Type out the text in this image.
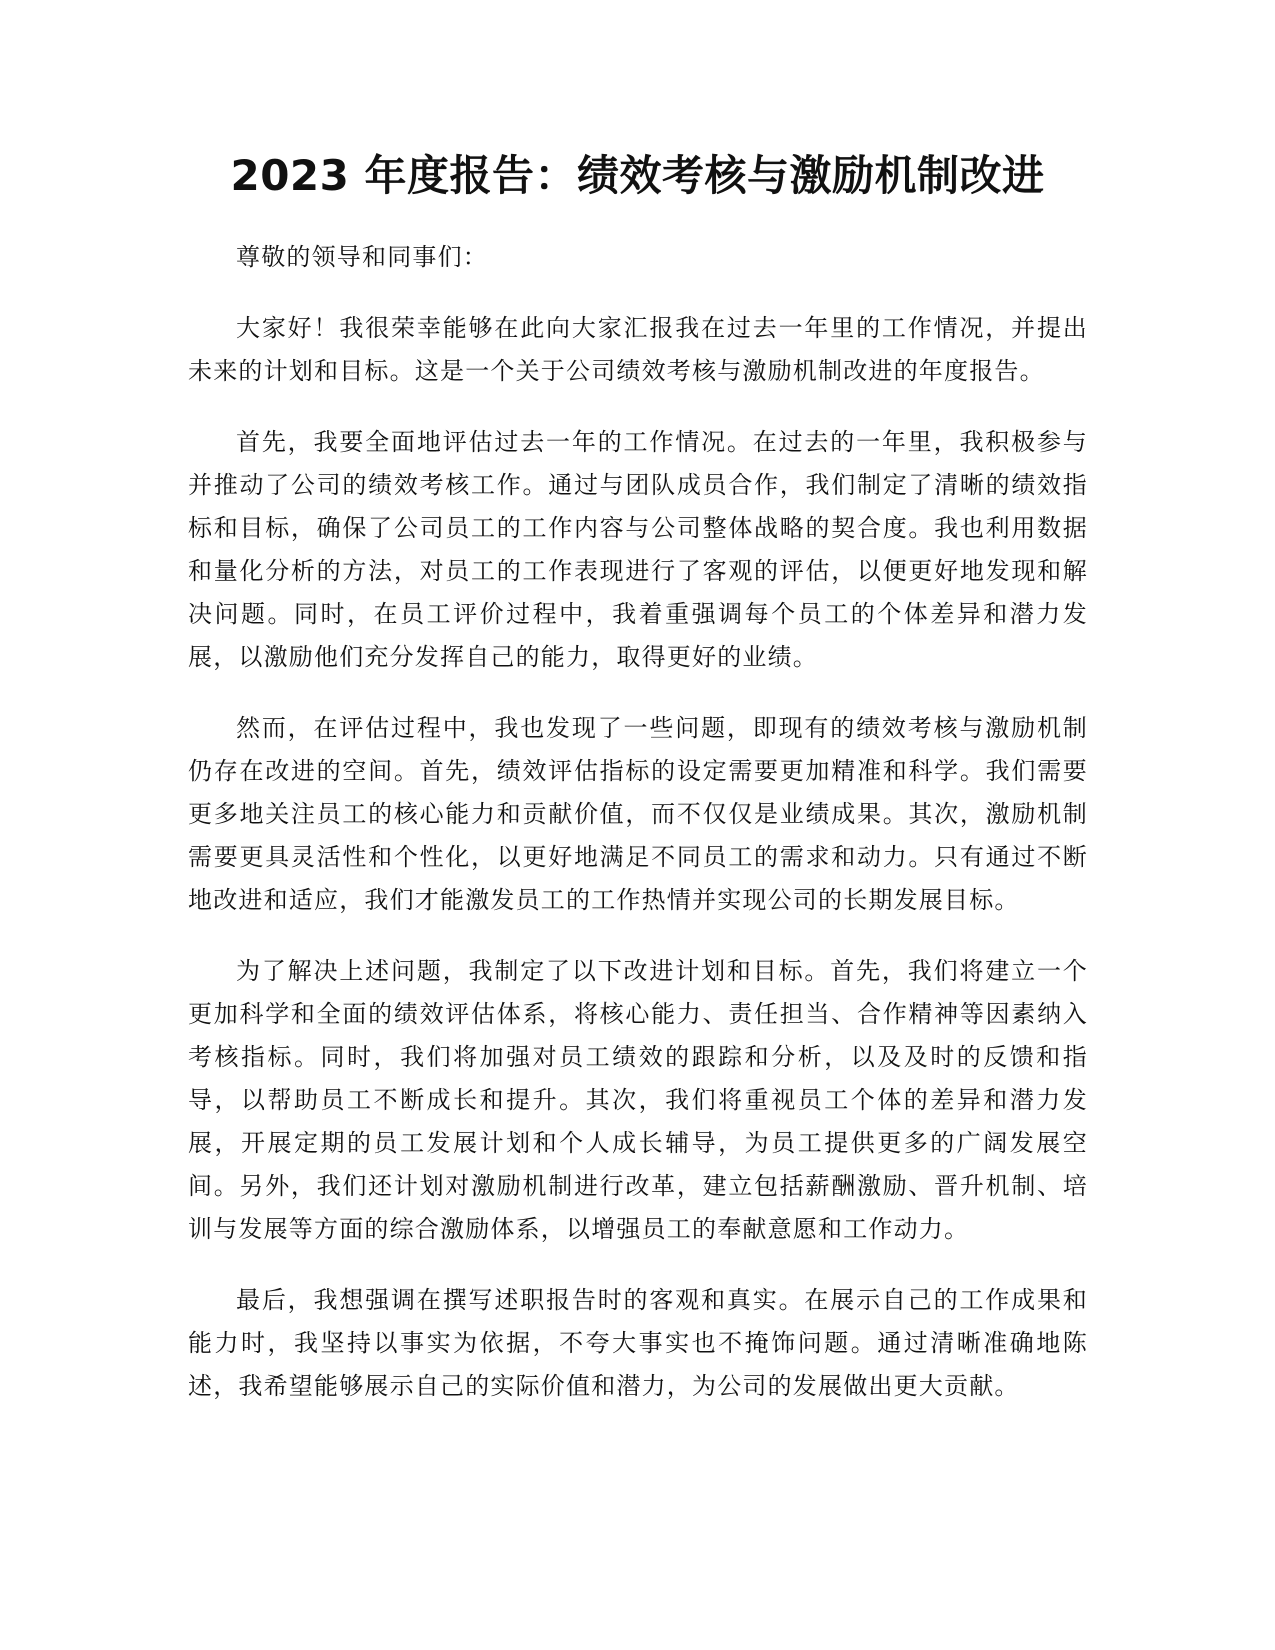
2023 年度报告：绩效考核与激励机制改进

尊敬的领导和同事们：

大家好！我很荣幸能够在此向大家汇报我在过去一年里的工作情况，并提出未来的计划和目标。这是一个关于公司绩效考核与激励机制改进的年度报告。

首先，我要全面地评估过去一年的工作情况。在过去的一年里，我积极参与并推动了公司的绩效考核工作。通过与团队成员合作，我们制定了清晰的绩效指标和目标，确保了公司员工的工作内容与公司整体战略的契合度。我也利用数据和量化分析的方法，对员工的工作表现进行了客观的评估，以便更好地发现和解决问题。同时，在员工评价过程中，我着重强调每个员工的个体差异和潜力发展，以激励他们充分发挥自己的能力，取得更好的业绩。

然而，在评估过程中，我也发现了一些问题，即现有的绩效考核与激励机制仍存在改进的空间。首先，绩效评估指标的设定需要更加精准和科学。我们需要更多地关注员工的核心能力和贡献价值，而不仅仅是业绩成果。其次，激励机制需要更具灵活性和个性化，以更好地满足不同员工的需求和动力。只有通过不断地改进和适应，我们才能激发员工的工作热情并实现公司的长期发展目标。

为了解决上述问题，我制定了以下改进计划和目标。首先，我们将建立一个更加科学和全面的绩效评估体系，将核心能力、责任担当、合作精神等因素纳入考核指标。同时，我们将加强对员工绩效的跟踪和分析，以及及时的反馈和指导，以帮助员工不断成长和提升。其次，我们将重视员工个体的差异和潜力发展，开展定期的员工发展计划和个人成长辅导，为员工提供更多的广阔发展空间。另外，我们还计划对激励机制进行改革，建立包括薪酬激励、晋升机制、培训与发展等方面的综合激励体系，以增强员工的奉献意愿和工作动力。

最后，我想强调在撰写述职报告时的客观和真实。在展示自己的工作成果和能力时，我坚持以事实为依据，不夸大事实也不掩饰问题。通过清晰准确地陈述，我希望能够展示自己的实际价值和潜力，为公司的发展做出更大贡献。
